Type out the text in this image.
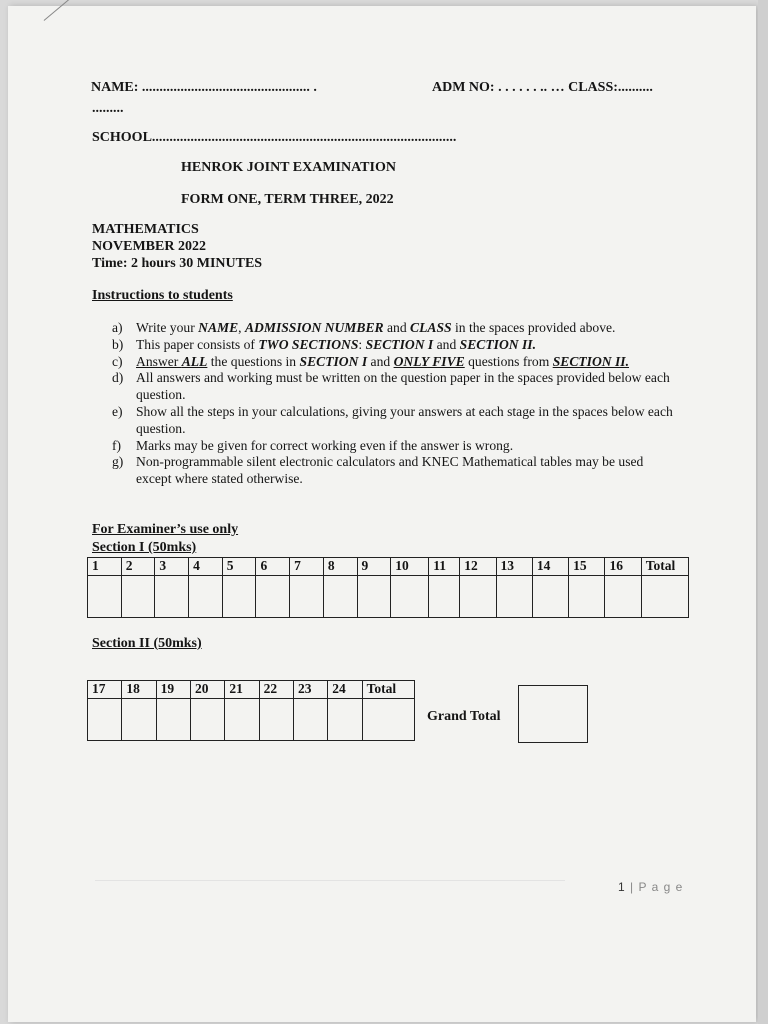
NAME: ................................................ .	ADM NO: . . . . . . .. … CLASS:..........
.........
SCHOOL.......................................................................................
HENROK JOINT EXAMINATION
FORM ONE, TERM THREE, 2022
MATHEMATICS
NOVEMBER 2022
Time: 2 hours 30 MINUTES
Instructions to students
a) Write your NAME, ADMISSION NUMBER and CLASS in the spaces provided above.
b) This paper consists of TWO SECTIONS: SECTION I and SECTION II.
c) Answer ALL the questions in SECTION I and ONLY FIVE questions from SECTION II.
d) All answers and working must be written on the question paper in the spaces provided below each question.
e) Show all the steps in your calculations, giving your answers at each stage in the spaces below each question.
f) Marks may be given for correct working even if the answer is wrong.
g) Non-programmable silent electronic calculators and KNEC Mathematical tables may be used except where stated otherwise.
For Examiner’s use only
Section I (50mks)
1	2	3	4	5	6	7	8	9	10	11	12	13	14	15	16	Total

Section II (50mks)
17	18	19	20	21	22	23	24	Total

Grand Total
1 | P a g e
